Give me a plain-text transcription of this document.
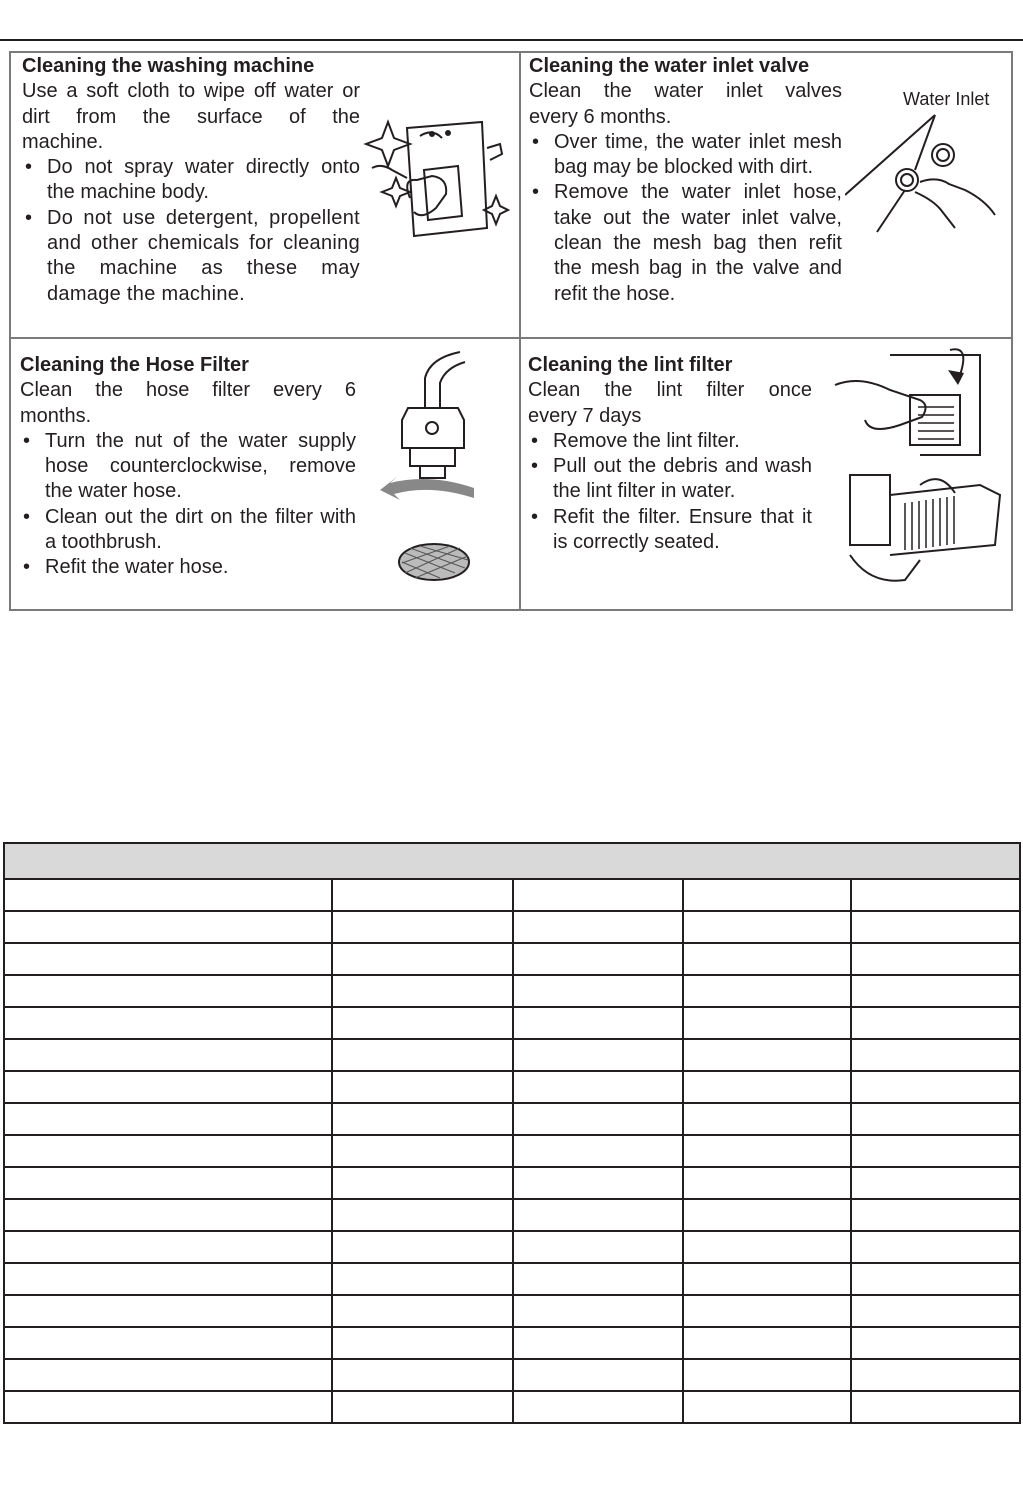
Cleaning the washing machine
Use a soft cloth to wipe off water or
dirt from the surface of the
machine.
• Do not spray water directly onto the machine body.
• Do not use detergent, propellent and other chemicals for cleaning the machine as these may damage the machine.
Cleaning the water inlet valve
Clean the water inlet valves
every 6 months.
• Over time, the water inlet mesh bag may be blocked with dirt.
• Remove the water inlet hose, take out the water inlet valve, clean the mesh bag then refit the mesh bag in the valve and refit the hose.
Water Inlet
Cleaning the Hose Filter
Clean the hose filter every 6
months.
• Turn the nut of the water supply hose counterclockwise, remove the water hose.
• Clean out the dirt on the filter with a toothbrush.
• Refit the water hose.
Cleaning the lint filter
Clean the lint filter once
every 7 days
• Remove the lint filter.
• Pull out the debris and wash the lint filter in water.
• Refit the filter. Ensure that it is correctly seated.
